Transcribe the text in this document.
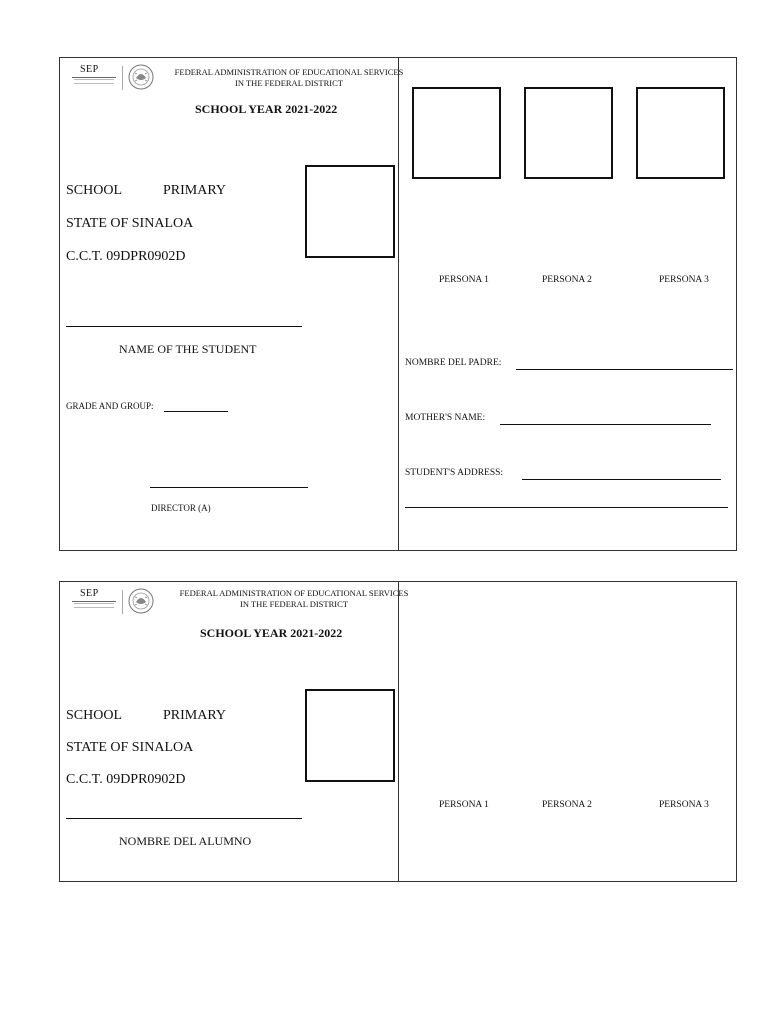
SEP	FEDERAL ADMINISTRATION OF EDUCATIONAL SERVICES
IN THE FEDERAL DISTRICT
SCHOOL YEAR 2021-2022
SCHOOL	PRIMARY
STATE OF SINALOA
C.C.T. 09DPR0902D
NAME OF THE STUDENT
GRADE AND GROUP:
DIRECTOR (A)
PERSONA 1	PERSONA 2	PERSONA 3
NOMBRE DEL PADRE:
MOTHER'S NAME:
STUDENT'S ADDRESS:
SEP	FEDERAL ADMINISTRATION OF EDUCATIONAL SERVICES
IN THE FEDERAL DISTRICT
SCHOOL YEAR 2021-2022
SCHOOL	PRIMARY
STATE OF SINALOA
C.C.T. 09DPR0902D
NOMBRE DEL ALUMNO
PERSONA 1	PERSONA 2	PERSONA 3
